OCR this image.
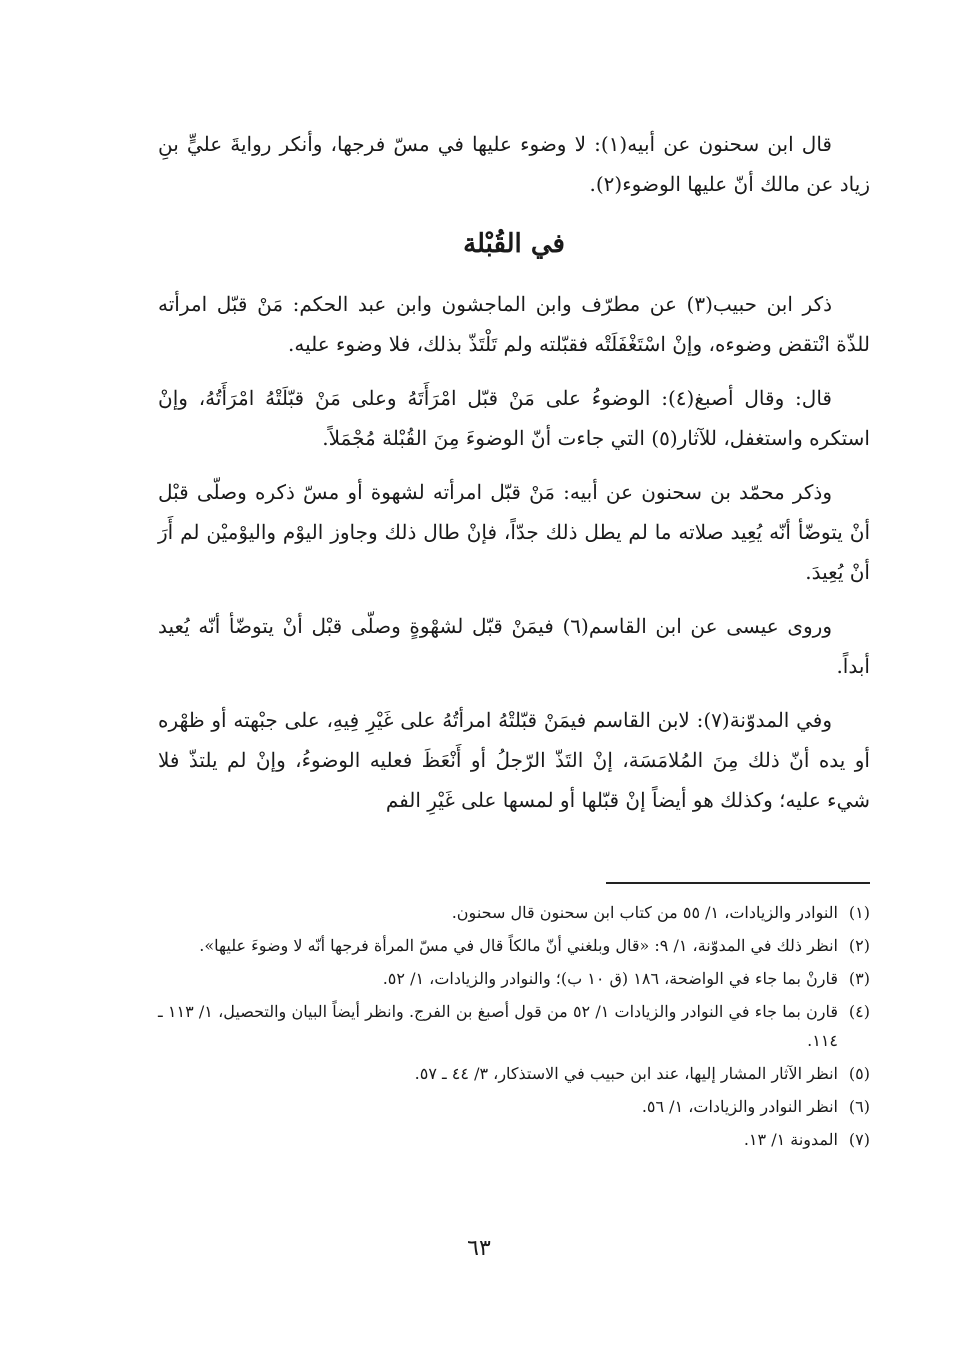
قال ابن سحنون عن أبيه(١): لا وضوء عليها في مسّ فرجها، وأنكر روايةَ عليٍّ بنِ زياد عن مالك أنّ عليها الوضوء(٢).

في القُبْلة

ذكر ابن حبيب(٣) عن مطرّف وابن الماجشون وابن عبد الحكم: مَنْ قبّل امرأته للذّة انْتقض وضوءه، وإنْ اسْتَغْفَلَتْه فقبّلته ولم تَلْتَذّ بذلك، فلا وضوء عليه.

قال: وقال أصبغ(٤): الوضوءُ على مَنْ قبّل امْرَأَتَهُ وعلى مَنْ قبّلَتْهُ امْرَأَتُهُ، وإنْ استكره واستغفل، للآثار(٥) التي جاءت أنّ الوضوءَ مِنَ القُبْلة مُجْمَلاً.

وذكر محمّد بن سحنون عن أبيه: مَنْ قبّل امرأته لشهوة أو مسّ ذكره وصلّى قبْل أنْ يتوضّأ أنّه يُعِيد صلاته ما لم يطل ذلك جدّاً، فإنْ طال ذلك وجاوز اليوْم واليوْميْن لم أَرَ أنْ يُعِيدَ.

وروى عيسى عن ابن القاسم(٦) فيمَنْ قبّل لشهْوةٍ وصلّى قبْل أنْ يتوضّأ أنّه يُعيد أبداً.

وفي المدوّنة(٧): لابن القاسم فيمَنْ قبّلتْهُ امرأتُهُ على غَيْرِ فِيهِ، على جبْهته أو ظهْره أو يده أنّ ذلك مِنَ المُلامَسَة، إنْ التَذّ الرّجلُ أو أَنْعَظَ فعليه الوضوءُ، وإنْ لم يلتذّ فلا شيء عليه؛ وكذلك هو أيضاً إنْ قبّلها أو لمسها على غَيْرِ الفم

(١)
النوادر والزيادات، ١/ ٥٥ من كتاب ابن سحنون قال سحنون.
(٢)
انظر ذلك في المدوّنة، ١/ ٩: «قال وبلغني أنّ مالكاً قال في مسّ المرأة فرجها أنّه لا وضوءَ عليها».
(٣)
قارنْ بما جاء في الواضحة، ١٨٦ (ق ١٠ ب)؛ والنوادر والزيادات، ١/ ٥٢.
(٤)
قارن بما جاء في النوادر والزيادات ١/ ٥٢ من قول أصبغ بن الفرج. وانظر أيضاً البيان والتحصيل، ١/ ١١٣ ـ ١١٤.
(٥)
انظر الآثار المشار إليها، عند ابن حبيب في الاستذكار، ٣/ ٤٤ ـ ٥٧.
(٦)
انظر النوادر والزيادات، ١/ ٥٦.
(٧)
المدونة ١/ ١٣.
٦٣
